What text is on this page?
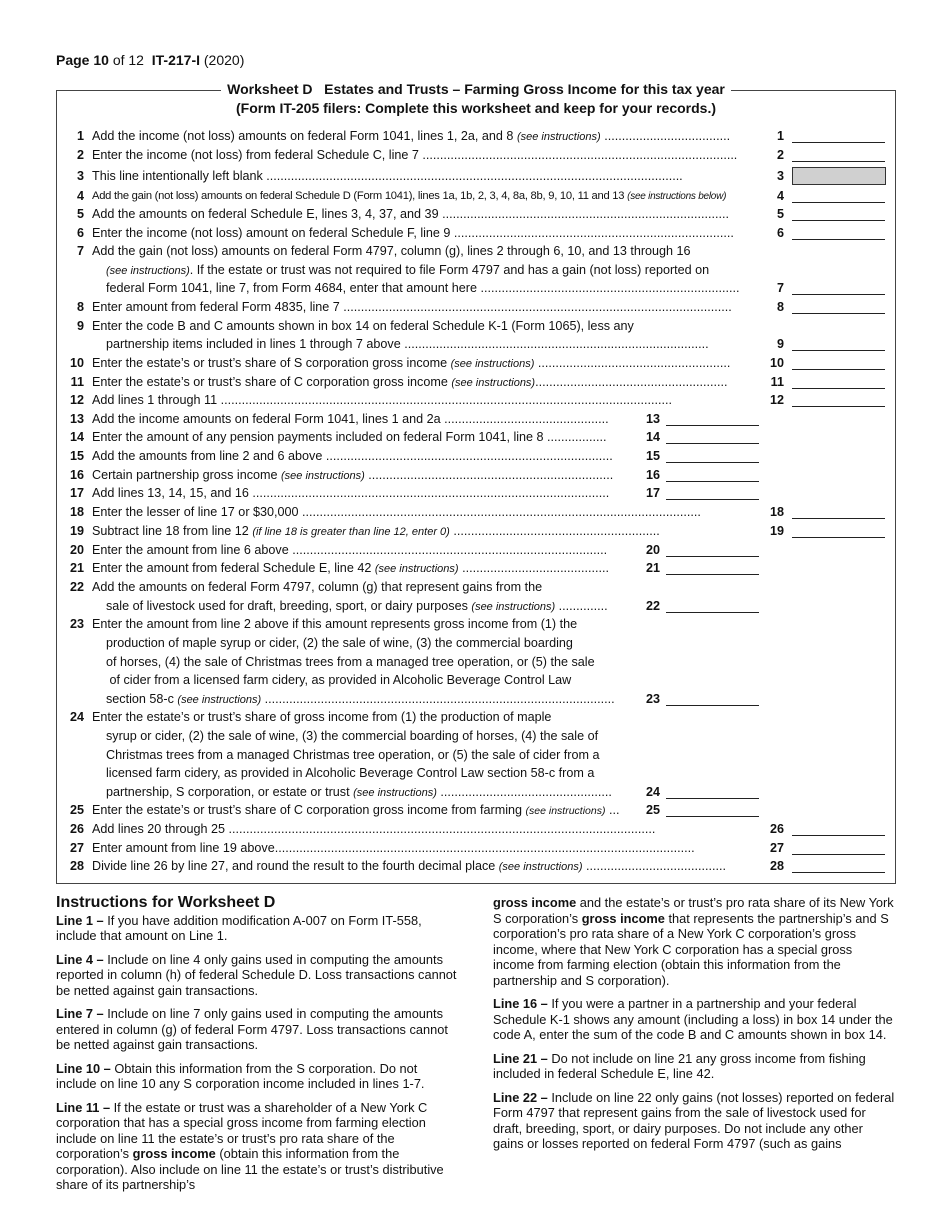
Page 10 of 12 IT-217-I (2020)
Worksheet D   Estates and Trusts – Farming Gross Income for this tax year
(Form IT-205 filers: Complete this worksheet and keep for your records.)
1 Add the income (not loss) amounts on federal Form 1041, lines 1, 2a, and 8 (see instructions) ....................................	1
2 Enter the income (not loss) from federal Schedule C, line 7 ..........................................................................................	2
3 This line intentionally left blank .......................................................................................................................	3
4 Add the gain (not loss) amounts on federal Schedule D (Form 1041), lines 1a, 1b, 2, 3, 4, 8a, 8b, 9, 10, 11 and 13 (see instructions below)	4
5 Add the amounts on federal Schedule E, lines 3, 4, 37, and 39 ..................................................................................	5
6 Enter the income (not loss) amount on federal Schedule F, line 9 ................................................................................	6
7 Add the gain (not loss) amounts on federal Form 4797, column (g), lines 2 through 6, 10, and 13 through 16
(see instructions). If the estate or trust was not required to file Form 4797 and has a gain (not loss) reported on
federal Form 1041, line 7, from Form 4684, enter that amount here ..........................................................................	7
8 Enter amount from federal Form 4835, line 7 ...............................................................................................................	8
9 Enter the code B and C amounts shown in box 14 on federal Schedule K-1 (Form 1065), less any
partnership items included in lines 1 through 7 above .......................................................................................	9
10 Enter the estate’s or trust’s share of S corporation gross income (see instructions) .......................................................	10
11 Enter the estate’s or trust’s share of C corporation gross income (see instructions).......................................................	11
12 Add lines 1 through 11 .................................................................................................................................	12
13 Add the income amounts on federal Form 1041, lines 1 and 2a ...............................................	13
14 Enter the amount of any pension payments included on federal Form 1041, line 8 .................	14
15 Add the amounts from line 2 and 6 above ..................................................................................	15
16 Certain partnership gross income (see instructions) ......................................................................	16
17 Add lines 13, 14, 15, and 16 ......................................................................................................	17
18 Enter the lesser of line 17 or $30,000 ..................................................................................................................	18
19 Subtract line 18 from line 12 (if line 18 is greater than line 12, enter 0) ...........................................................	19
20 Enter the amount from line 6 above ..........................................................................................	20
21 Enter the amount from federal Schedule E, line 42 (see instructions) ..........................................	21
22 Add the amounts on federal Form 4797, column (g) that represent gains from the
sale of livestock used for draft, breeding, sport, or dairy purposes (see instructions) ..............	22
23 Enter the amount from line 2 above if this amount represents gross income from (1) the
production of maple syrup or cider, (2) the sale of wine, (3) the commercial boarding
of horses, (4) the sale of Christmas trees from a managed tree operation, or (5) the sale
of cider from a licensed farm cidery, as provided in Alcoholic Beverage Control Law
section 58-c (see instructions) ....................................................................................................	23
24 Enter the estate’s or trust’s share of gross income from (1) the production of maple
syrup or cider, (2) the sale of wine, (3) the commercial boarding of horses, (4) the sale of
Christmas trees from a managed Christmas tree operation, or (5) the sale of cider from a
licensed farm cidery, as provided in Alcoholic Beverage Control Law section 58-c from a
partnership, S corporation, or estate or trust (see instructions) .................................................	24
25 Enter the estate’s or trust’s share of C corporation gross income from farming (see instructions) ...	25
26 Add lines 20 through 25 ..........................................................................................................................	26
27 Enter amount from line 19 above........................................................................................................................	27
28 Divide line 26 by line 27, and round the result to the fourth decimal place (see instructions) ........................................	28
Instructions for Worksheet D

Line 1 – If you have addition modification A-007 on Form IT-558, include that amount on Line 1.

Line 4 – Include on line 4 only gains used in computing the amounts reported in column (h) of federal Schedule D. Loss transactions cannot be netted against gain transactions.

Line 7 – Include on line 7 only gains used in computing the amounts entered in column (g) of federal Form 4797. Loss transactions cannot be netted against gain transactions.

Line 10 – Obtain this information from the S corporation. Do not include on line 10 any S corporation income included in lines 1-7.

Line 11 – If the estate or trust was a shareholder of a New York C corporation that has a special gross income from farming election include on line 11 the estate’s or trust’s pro rata share of the corporation’s gross income (obtain this information from the corporation). Also include on line 11 the estate’s or trust’s distributive share of its partnership’s

gross income and the estate’s or trust’s pro rata share of its New York S corporation’s gross income that represents the partnership’s and S corporation’s pro rata share of a New York C corporation’s gross income, where that New York C corporation has a special gross income from farming election (obtain this information from the partnership and S corporation).

Line 16 – If you were a partner in a partnership and your federal Schedule K-1 shows any amount (including a loss) in box 14 under the code A, enter the sum of the code B and C amounts shown in box 14.

Line 21 – Do not include on line 21 any gross income from fishing included in federal Schedule E, line 42.

Line 22 – Include on line 22 only gains (not losses) reported on federal Form 4797 that represent gains from the sale of livestock used for draft, breeding, sport, or dairy purposes. Do not include any other gains or losses reported on federal Form 4797 (such as gains
